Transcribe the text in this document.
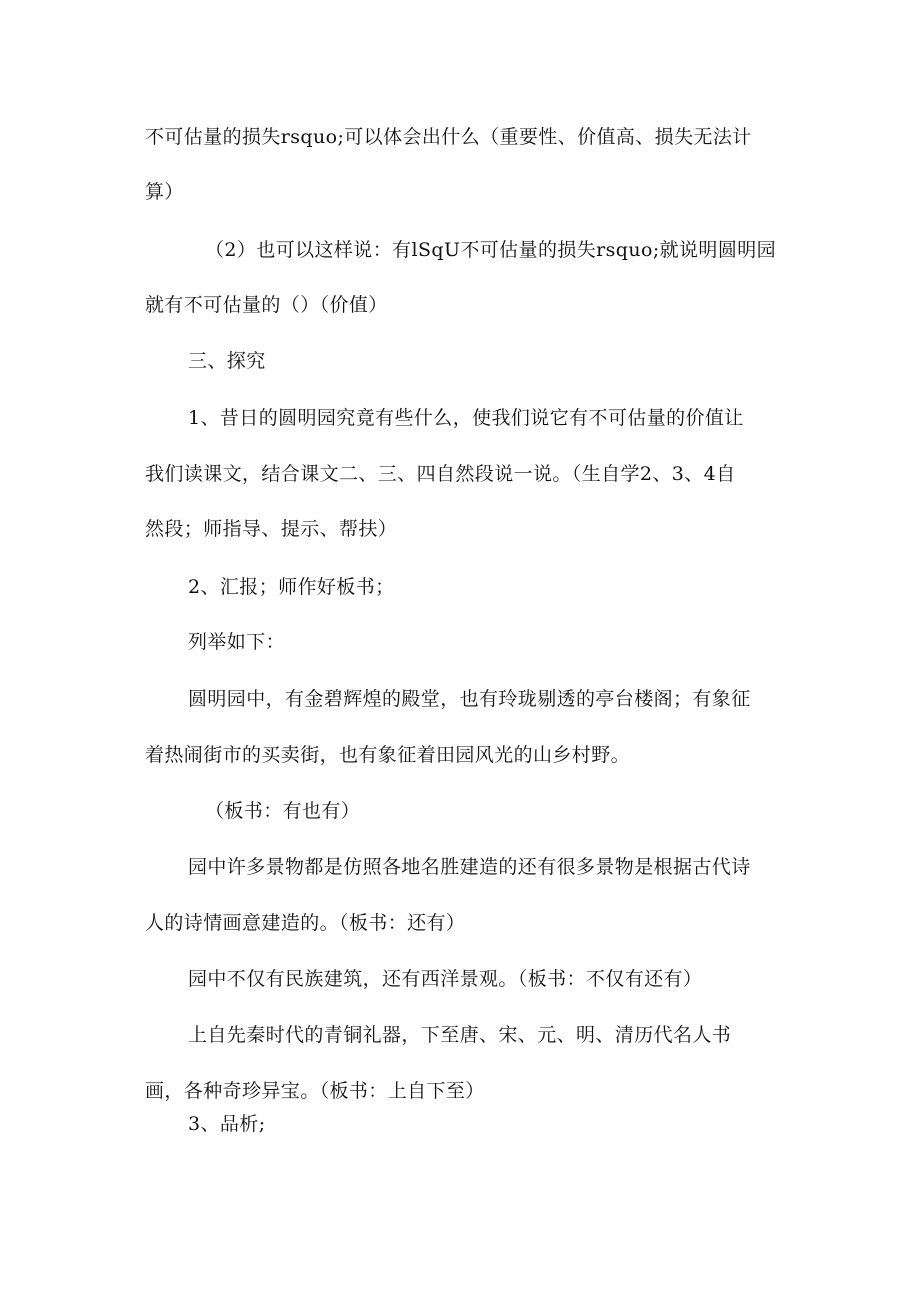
不可估量的损失rsquo;可以体会出什么（重要性、价值高、损失无法计
算）
（2）也可以这样说：有lSqU不可估量的损失rsquo;就说明圆明园
就有不可估量的（）（价值）
三、探究
1、昔日的圆明园究竟有些什么，使我们说它有不可估量的价值让
我们读课文，结合课文二、三、四自然段说一说。（生自学2、3、4自
然段；师指导、提示、帮扶）
2、汇报；师作好板书；
列举如下：
圆明园中，有金碧辉煌的殿堂，也有玲珑剔透的亭台楼阁；有象征
着热闹街市的买卖街，也有象征着田园风光的山乡村野。
（板书：有也有）
园中许多景物都是仿照各地名胜建造的还有很多景物是根据古代诗
人的诗情画意建造的。（板书：还有）
园中不仅有民族建筑，还有西洋景观。（板书：不仅有还有）
上自先秦时代的青铜礼器，下至唐、宋、元、明、清历代名人书
画，各种奇珍异宝。（板书：上自下至）
3、品析;
